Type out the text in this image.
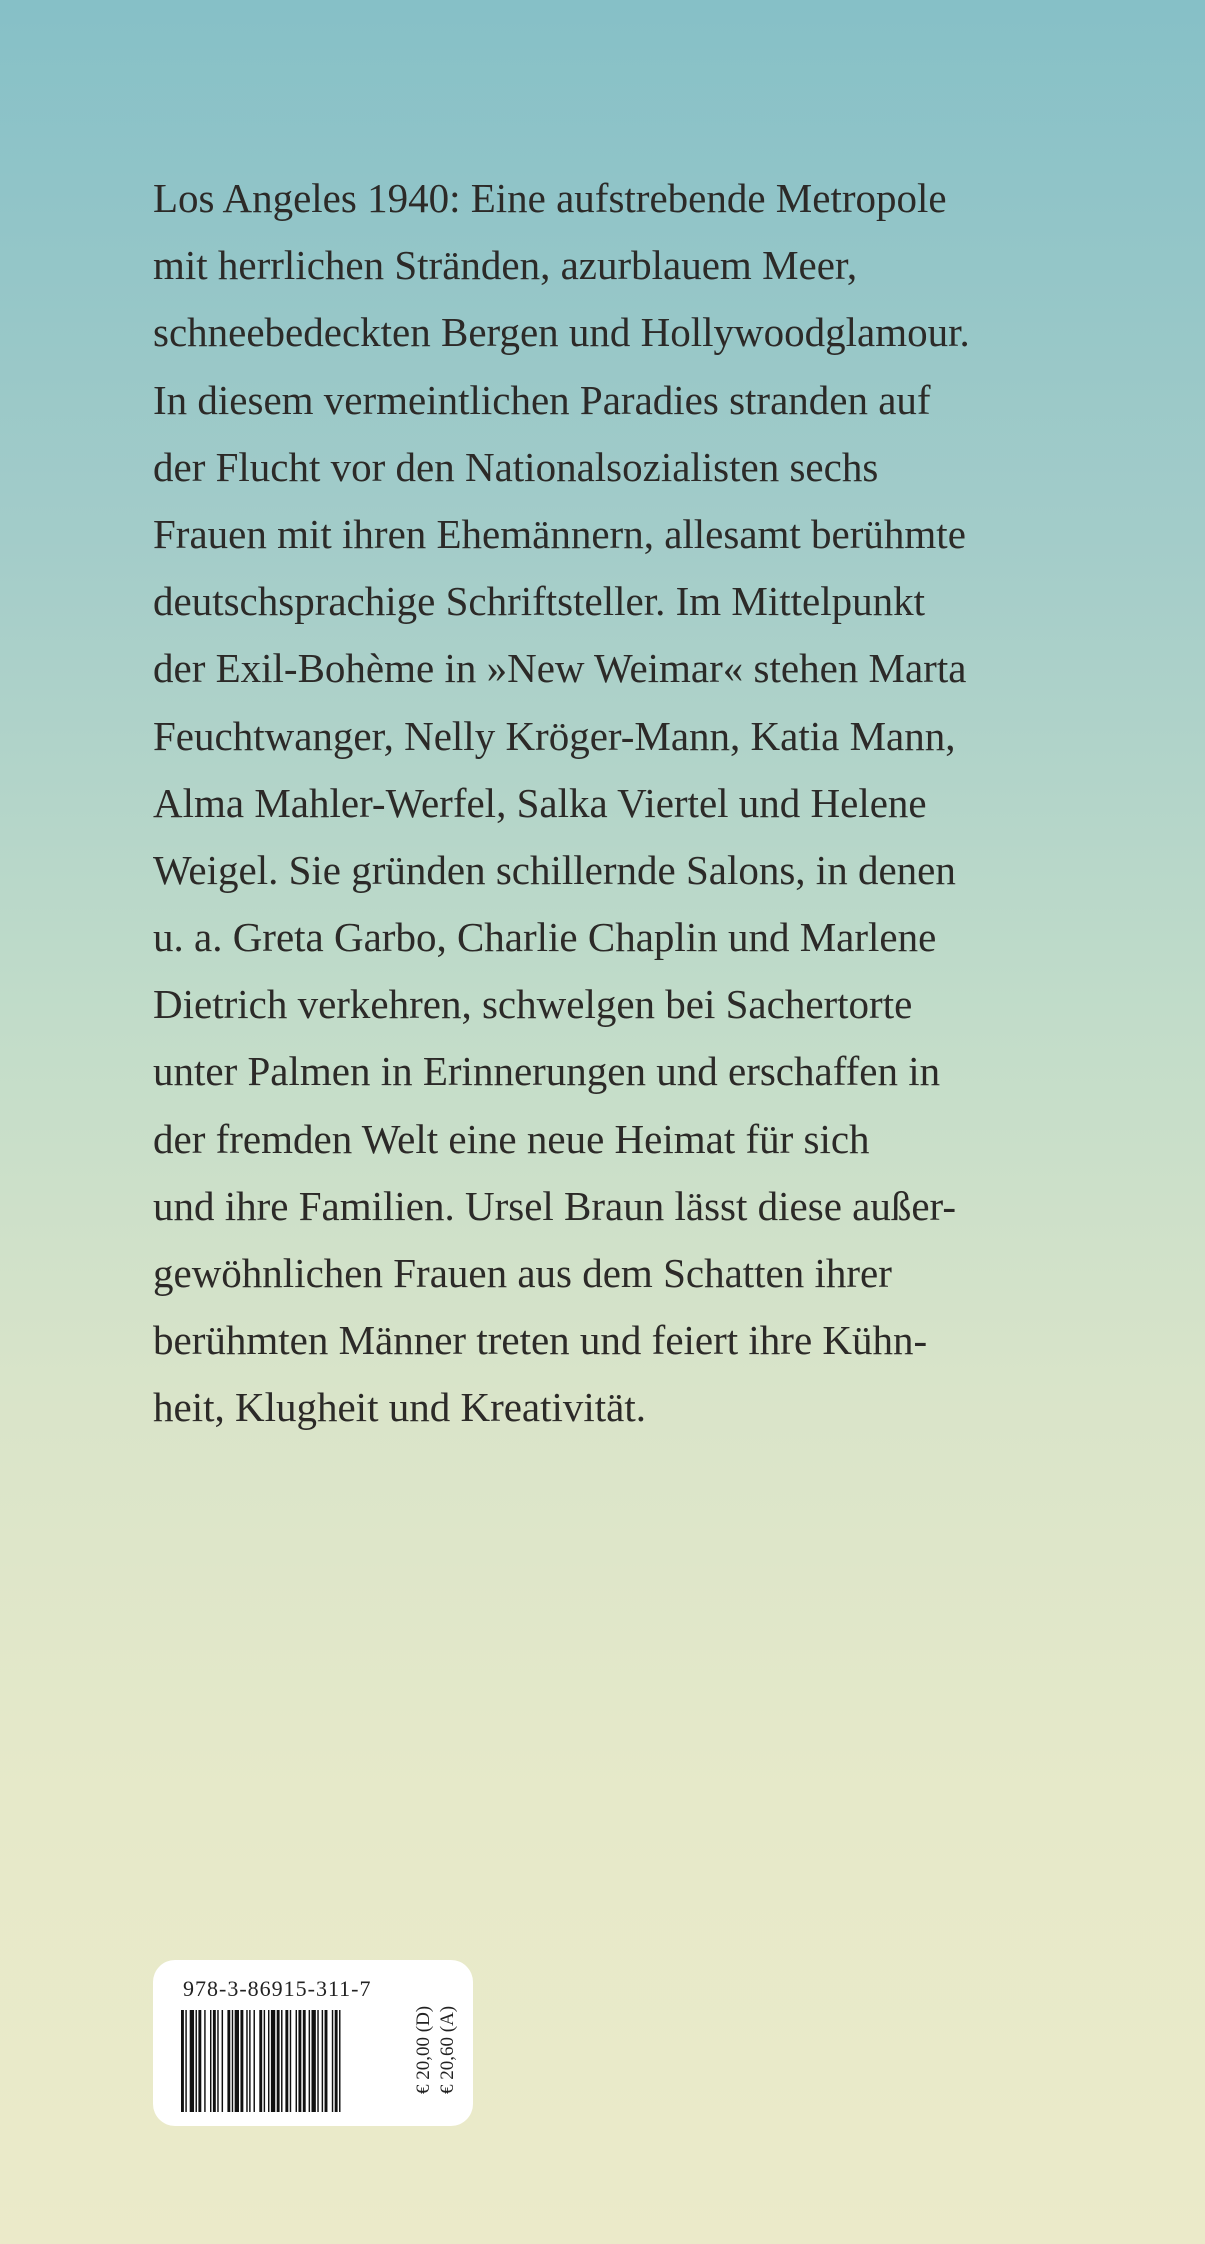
Los Angeles 1940: Eine aufstrebende Metropole
mit herrlichen Stränden, azurblauem Meer,
schneebedeckten Bergen und Hollywoodglamour.
In diesem vermeintlichen Paradies stranden auf
der Flucht vor den Nationalsozialisten sechs
Frauen mit ihren Ehemännern, allesamt berühmte
deutschsprachige Schriftsteller. Im Mittelpunkt
der Exil-Bohème in »New Weimar« stehen Marta
Feuchtwanger, Nelly Kröger-Mann, Katia Mann,
Alma Mahler-Werfel, Salka Viertel und Helene
Weigel. Sie gründen schillernde Salons, in denen
u. a. Greta Garbo, Charlie Chaplin und Marlene
Dietrich verkehren, schwelgen bei Sachertorte
unter Palmen in Erinnerungen und erschaffen in
der fremden Welt eine neue Heimat für sich
und ihre Familien. Ursel Braun lässt diese außer-
gewöhnlichen Frauen aus dem Schatten ihrer
berühmten Männer treten und feiert ihre Kühn-
heit, Klugheit und Kreativität.
978-3-86915-311-7
€ 20,00 (D) € 20,60 (A)
